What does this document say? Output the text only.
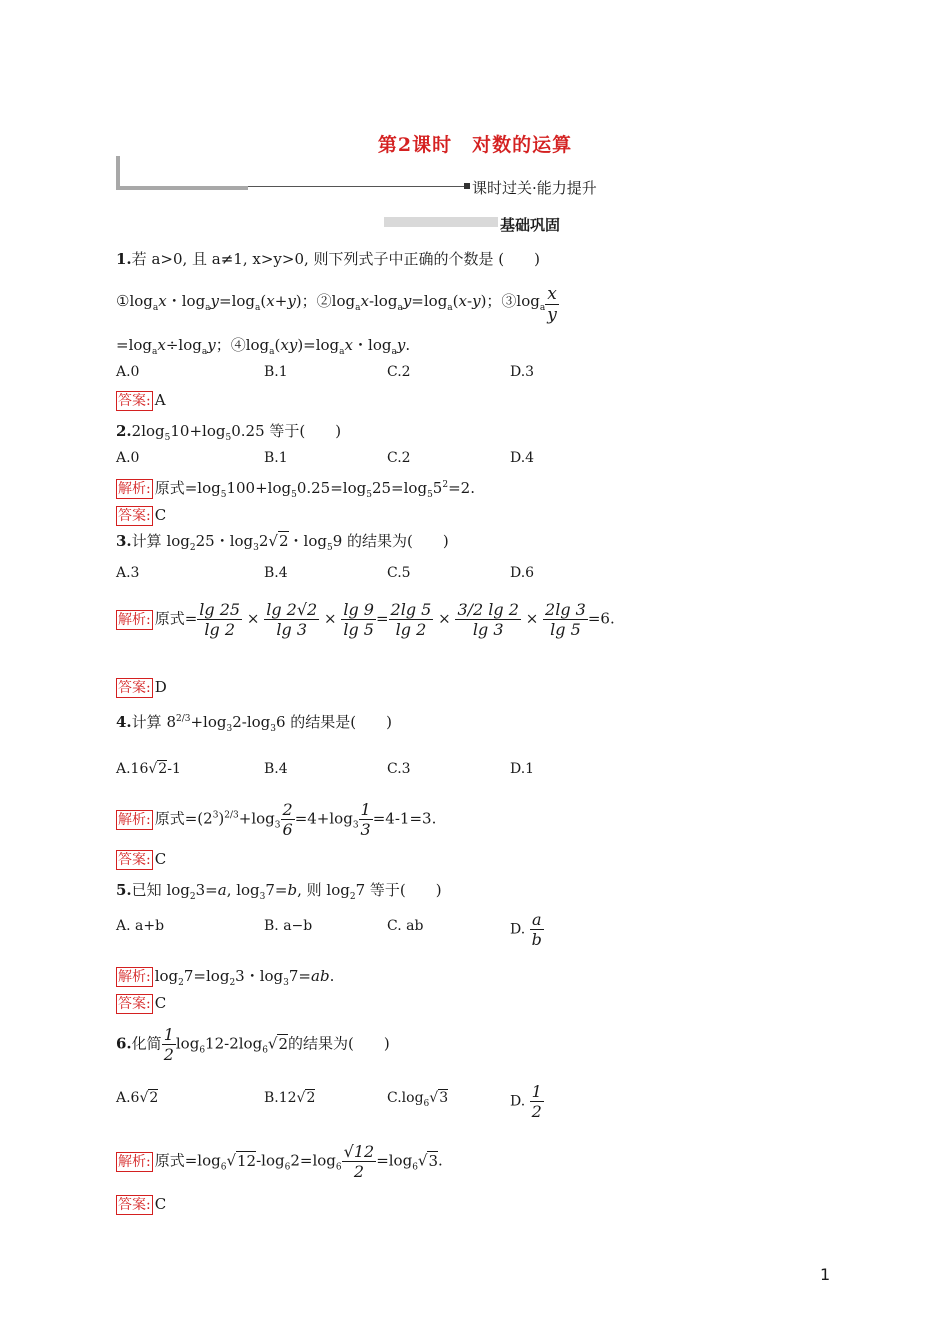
第2课时　对数的运算
课时过关·能力提升
基础巩固
1.若 a>0, 且 a≠1, x>y>0, 则下列式子中正确的个数是 (　　)
$①\log_ax$・$\log_ay=\log_a(x+y)$；$②\log_ax-\log_ay=\log_a(x-y)$；$③\log_a \frac{x}{y}$
$=\log_ax\div\log_ay$；$④\log_a(xy)=\log_ax$・$\log_ay$.
A.0	B.1	C.2	D.3
答案: A
$2.2\log_510+\log_50.25$ 等于(　　)
A.0	B.1	C.2	D.4
解析: 原式$=\log_5100+\log_50.25=\log_525=\log_55^2=2$.
答案: C
3.计算 $\log_225$・$\log_32√2$・$\log_59$ 的结果为(　　)
A.3	B.4	C.5	D.6
解析: 原式= $\frac{\lg 25}{\lg 2} \times \frac{\lg 2√2}{\lg 3} \times \frac{\lg 9}{\lg 5} = \frac{2\lg 5}{\lg 2} \times \frac{3/2 \lg 2}{\lg 3} \times \frac{2\lg 3}{\lg 5} =6$.
答案: D
4.计算 $8^{2/3}+\log_32-\log_36$ 的结果是(　　)
A.16√2-1	B.4	C.3	D.1
解析: 原式$=(2^3)^{2/3}+\log_3 \frac{2}{6} =4+\log_3 \frac{1}{3} =4-1=3$.
答案: C
5.已知 $\log_23=a$, $\log_37=b$, 则 $\log_27$ 等于(　　)
A. a+b	B. a−b	C. ab	D. $\frac{a}{b}$
解析: $\log_27=\log_23$・$\log_37=ab$.
答案: C
6.化简 $\frac{1}{2} \log_612-2\log_6√2$的结果为(　　)
A.6√2	B.12√2	$C.\log_6√3$	D. $\frac{1}{2}$
解析: 原式$=\log_6√12-\log_62=\log_6 \frac{√12}{2} =\log_6√3$.
答案: C
1
